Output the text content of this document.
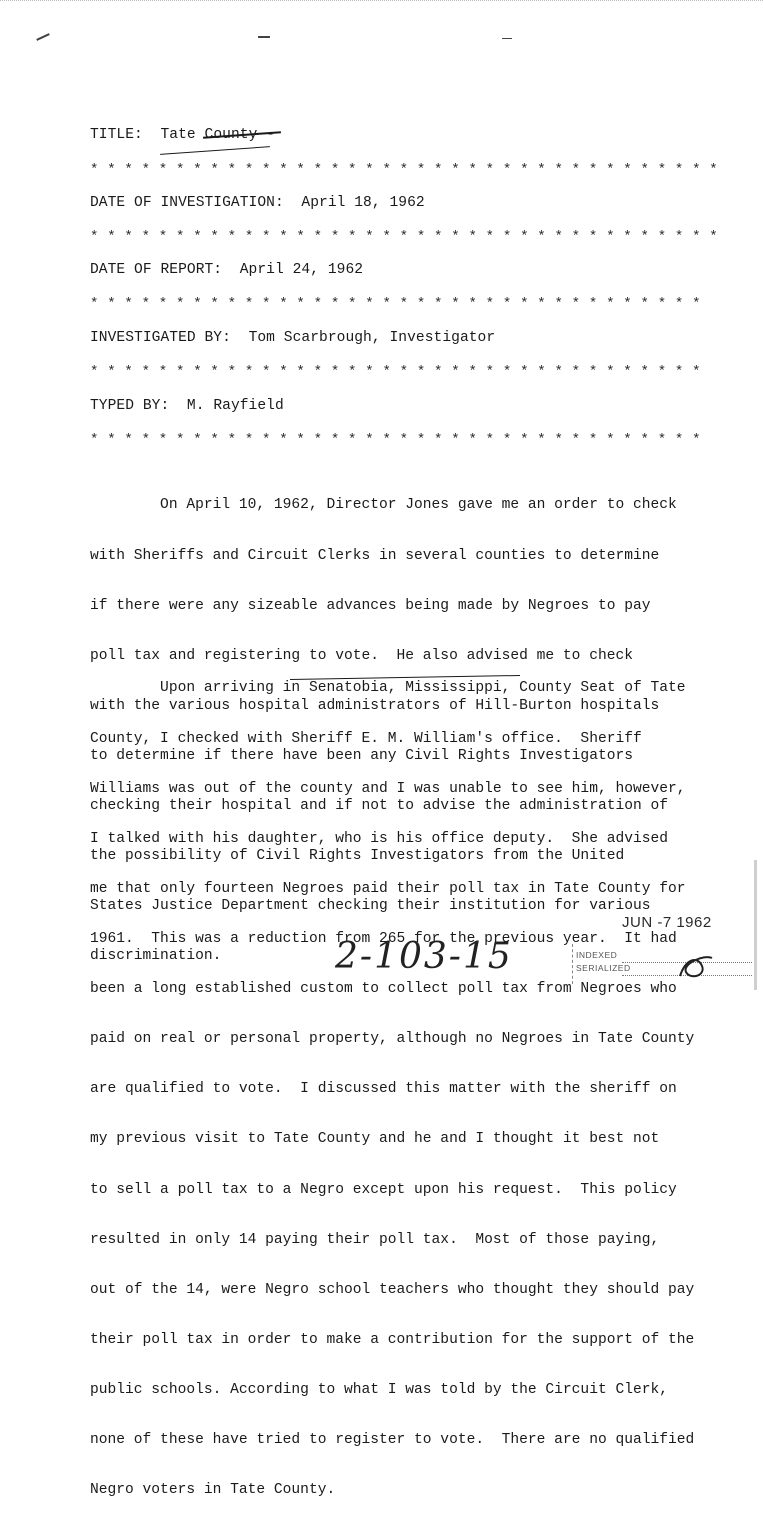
TITLE: Tate County -

* * * * * * * * * * * * * * * * * * * * * * * * * * * * * * * * * * * * *

DATE OF INVESTIGATION: April 18, 1962

* * * * * * * * * * * * * * * * * * * * * * * * * * * * * * * * * * * * *

DATE OF REPORT: April 24, 1962

* * * * * * * * * * * * * * * * * * * * * * * * * * * * * * * * * * * *

INVESTIGATED BY: Tom Scarbrough, Investigator

* * * * * * * * * * * * * * * * * * * * * * * * * * * * * * * * * * * *

TYPED BY: M. Rayfield

* * * * * * * * * * * * * * * * * * * * * * * * * * * * * * * * * * * *

On April 10, 1962, Director Jones gave me an order to check

with Sheriffs and Circuit Clerks in several counties to determine

if there were any sizeable advances being made by Negroes to pay

poll tax and registering to vote.  He also advised me to check

with the various hospital administrators of Hill-Burton hospitals

to determine if there have been any Civil Rights Investigators

checking their hospital and if not to advise the administration of

the possibility of Civil Rights Investigators from the United

States Justice Department checking their institution for various

discrimination.

Upon arriving in Senatobia, Mississippi, County Seat of Tate

County, I checked with Sheriff E. M. William's office.  Sheriff

Williams was out of the county and I was unable to see him, however,

I talked with his daughter, who is his office deputy.  She advised

me that only fourteen Negroes paid their poll tax in Tate County for

1961.  This was a reduction from 265 for the previous year.  It had

been a long established custom to collect poll tax from Negroes who

paid on real or personal property, although no Negroes in Tate County

are qualified to vote.  I discussed this matter with the sheriff on

my previous visit to Tate County and he and I thought it best not

to sell a poll tax to a Negro except upon his request.  This policy

resulted in only 14 paying their poll tax.  Most of those paying,

out of the 14, were Negro school teachers who thought they should pay

their poll tax in order to make a contribution for the support of the

public schools. According to what I was told by the Circuit Clerk,

none of these have tried to register to vote.  There are no qualified

Negro voters in Tate County.

2-103-15

JUN -7 1962

INDEXED

SERIALIZED
